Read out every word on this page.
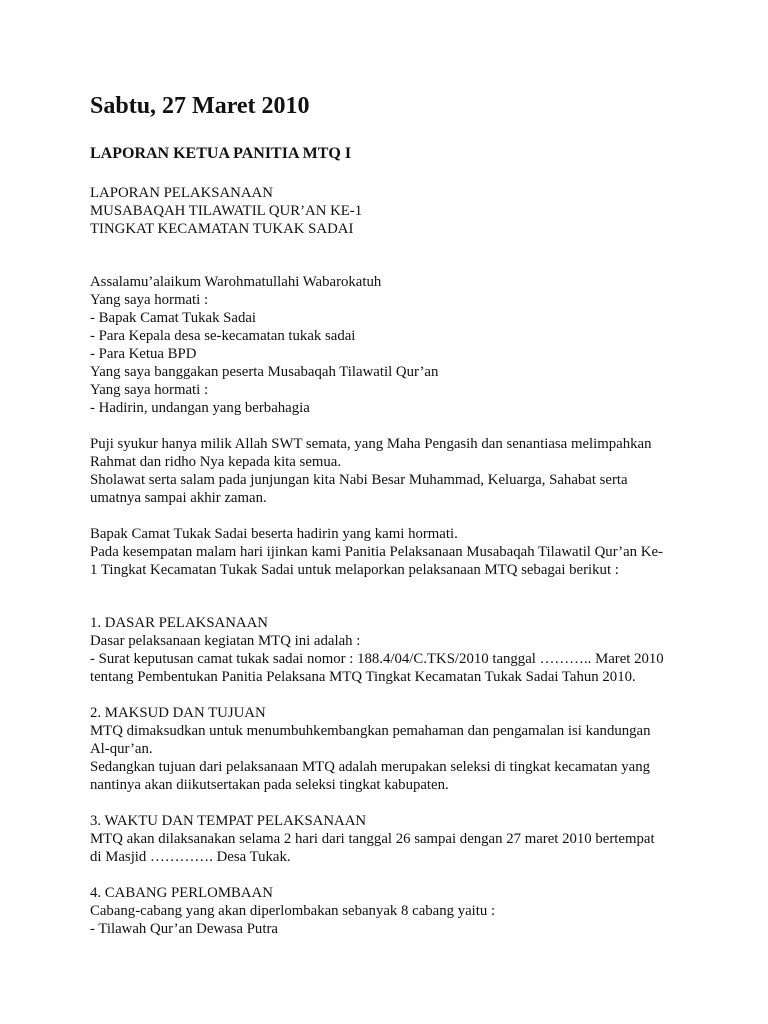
Sabtu, 27 Maret 2010
LAPORAN KETUA PANITIA MTQ I

LAPORAN PELAKSANAAN
MUSABAQAH TILAWATIL QUR’AN KE-1
TINGKAT KECAMATAN TUKAK SADAI

Assalamu’alaikum Warohmatullahi Wabarokatuh
Yang saya hormati :
- Bapak Camat Tukak Sadai
- Para Kepala desa se-kecamatan tukak sadai
- Para Ketua BPD
Yang saya banggakan peserta Musabaqah Tilawatil Qur’an
Yang saya hormati :
- Hadirin, undangan yang berbahagia

Puji syukur hanya milik Allah SWT semata, yang Maha Pengasih dan senantiasa melimpahkan
Rahmat dan ridho Nya kepada kita semua.
Sholawat serta salam pada junjungan kita Nabi Besar Muhammad, Keluarga, Sahabat serta
umatnya sampai akhir zaman.

Bapak Camat Tukak Sadai beserta hadirin yang kami hormati.
Pada kesempatan malam hari ijinkan kami Panitia Pelaksanaan Musabaqah Tilawatil Qur’an Ke-
1 Tingkat Kecamatan Tukak Sadai untuk melaporkan pelaksanaan MTQ sebagai berikut :

1. DASAR PELAKSANAAN
Dasar pelaksanaan kegiatan MTQ ini adalah :
- Surat keputusan camat tukak sadai nomor : 188.4/04/C.TKS/2010 tanggal ……….. Maret 2010
tentang Pembentukan Panitia Pelaksana MTQ Tingkat Kecamatan Tukak Sadai Tahun 2010.

2. MAKSUD DAN TUJUAN
MTQ dimaksudkan untuk menumbuhkembangkan pemahaman dan pengamalan isi kandungan
Al-qur’an.
Sedangkan tujuan dari pelaksanaan MTQ adalah merupakan seleksi di tingkat kecamatan yang
nantinya akan diikutsertakan pada seleksi tingkat kabupaten.

3. WAKTU DAN TEMPAT PELAKSANAAN
MTQ akan dilaksanakan selama 2 hari dari tanggal 26 sampai dengan 27 maret 2010 bertempat
di Masjid …………. Desa Tukak.

4. CABANG PERLOMBAAN
Cabang-cabang yang akan diperlombakan sebanyak 8 cabang yaitu :
- Tilawah Qur’an Dewasa Putra
